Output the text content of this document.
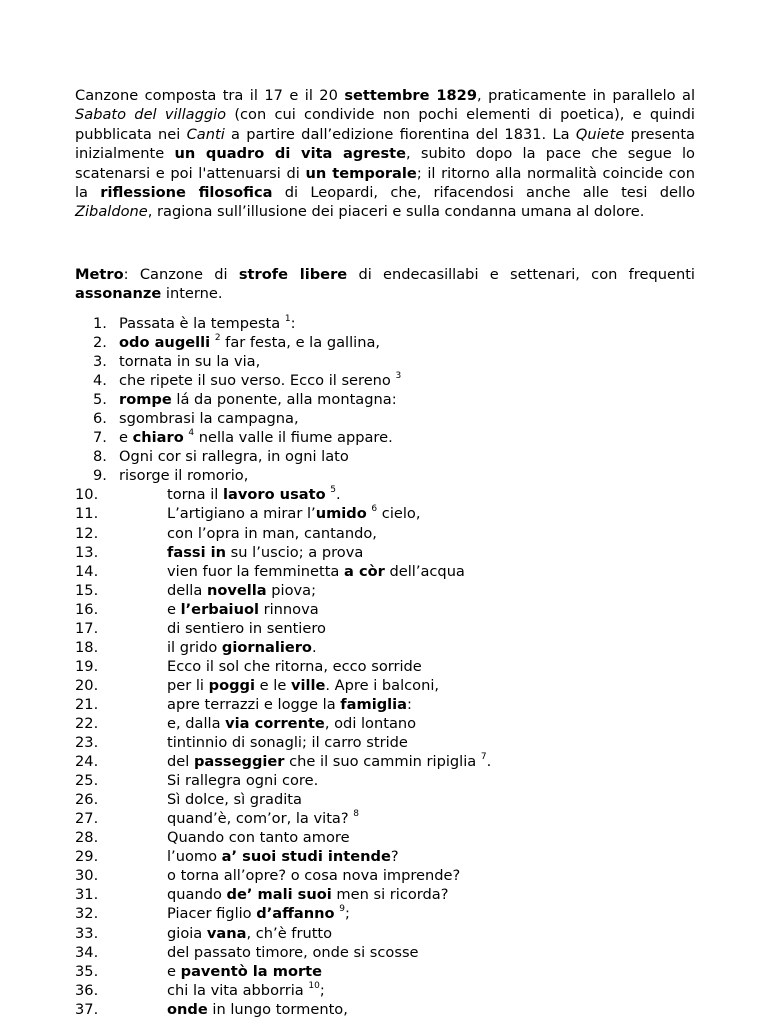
Canzone composta tra il 17 e il 20 settembre 1829, praticamente in parallelo al Sabato del villaggio (con cui condivide non pochi elementi di poetica), e quindi pubblicata nei Canti a partire dall’edizione fiorentina del 1831. La Quiete presenta inizialmente un quadro di vita agreste, subito dopo la pace che segue lo scatenarsi e poi l'attenuarsi di un temporale; il ritorno alla normalità coincide con la riflessione filosofica di Leopardi, che, rifacendosi anche alle tesi dello Zibaldone, ragiona sull’illusione dei piaceri e sulla condanna umana al dolore.
Metro: Canzone di strofe libere di endecasillabi e settenari, con frequenti assonanze interne.
1. Passata è la tempesta $^1$:
2. odo augelli $^2$ far festa, e la gallina,
3. tornata in su la via,
4. che ripete il suo verso. Ecco il sereno $^3$
5. rompe lá da ponente, alla montagna:
6. sgombrasi la campagna,
7. e chiaro $^4$ nella valle il fiume appare.
8. Ogni cor si rallegra, in ogni lato
9. risorge il romorio,
10.	torna il lavoro usato $^5$.
11.	L’artigiano a mirar l’umido $^6$ cielo,
12.	con l’opra in man, cantando,
13.	fassi in su l’uscio; a prova
14.	vien fuor la femminetta a còr dell’acqua
15.	della novella piova;
16.	e l’erbaiuol rinnova
17.	di sentiero in sentiero
18.	il grido giornaliero.
19.	Ecco il sol che ritorna, ecco sorride
20.	per li poggi e le ville. Apre i balconi,
21.	apre terrazzi e logge la famiglia:
22.	e, dalla via corrente, odi lontano
23.	tintinnio di sonagli; il carro stride
24.	del passeggier che il suo cammin ripiglia $^7$.
25.	Si rallegra ogni core.
26.	Sì dolce, sì gradita
27.	quand’è, com’or, la vita? $^8$
28.	Quando con tanto amore
29.	l’uomo a’ suoi studi intende?
30.	o torna all’opre? o cosa nova imprende?
31.	quando de’ mali suoi men si ricorda?
32.	Piacer figlio d’affanno $^9$;
33.	gioia vana, ch’è frutto
34.	del passato timore, onde si scosse
35.	e paventò la morte
36.	chi la vita abborria $^{10}$;
37.	onde in lungo tormento,
